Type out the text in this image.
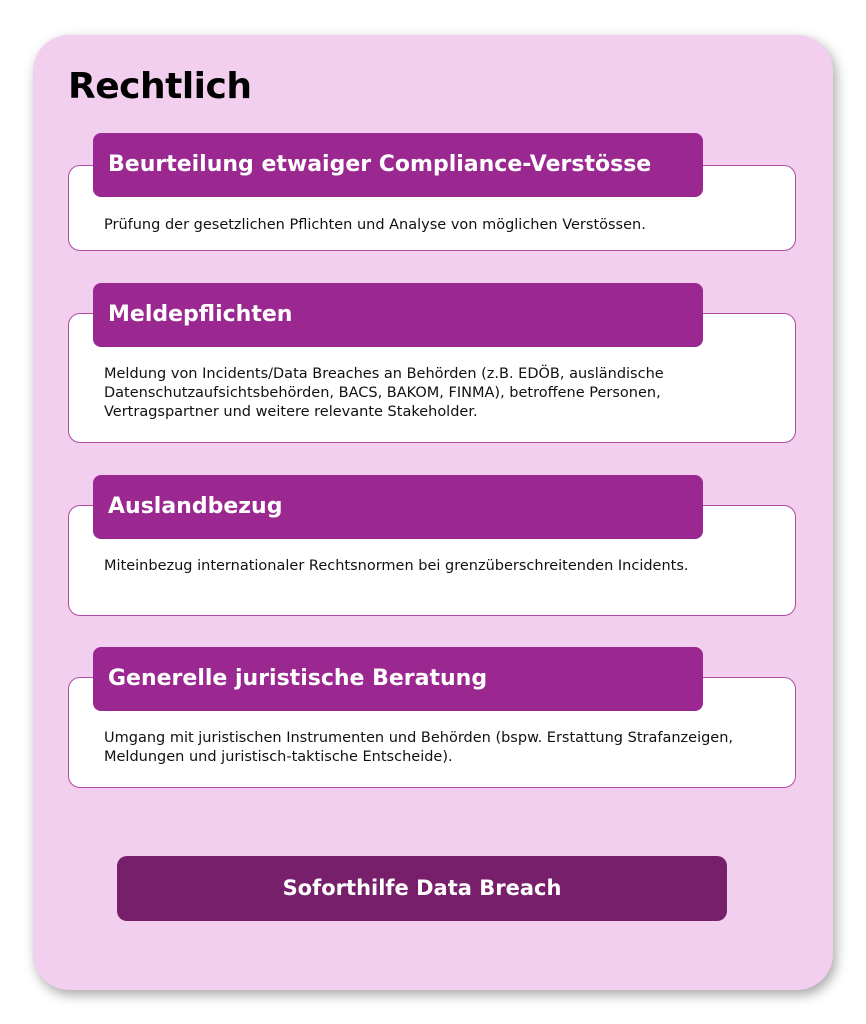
Rechtlich
Beurteilung etwaiger Compliance-Verstösse
Prüfung der gesetzlichen Pflichten und Analyse von möglichen Verstössen.
Meldepflichten
Meldung von Incidents/Data Breaches an Behörden (z.B. EDÖB, ausländische Datenschutzaufsichtsbehörden, BACS, BAKOM, FINMA), betroffene Personen, Vertragspartner und weitere relevante Stakeholder.
Auslandbezug
Miteinbezug internationaler Rechtsnormen bei grenzüberschreitenden Incidents.
Generelle juristische Beratung
Umgang mit juristischen Instrumenten und Behörden (bspw. Erstattung Strafanzeigen, Meldungen und juristisch-taktische Entscheide).
Soforthilfe Data Breach
